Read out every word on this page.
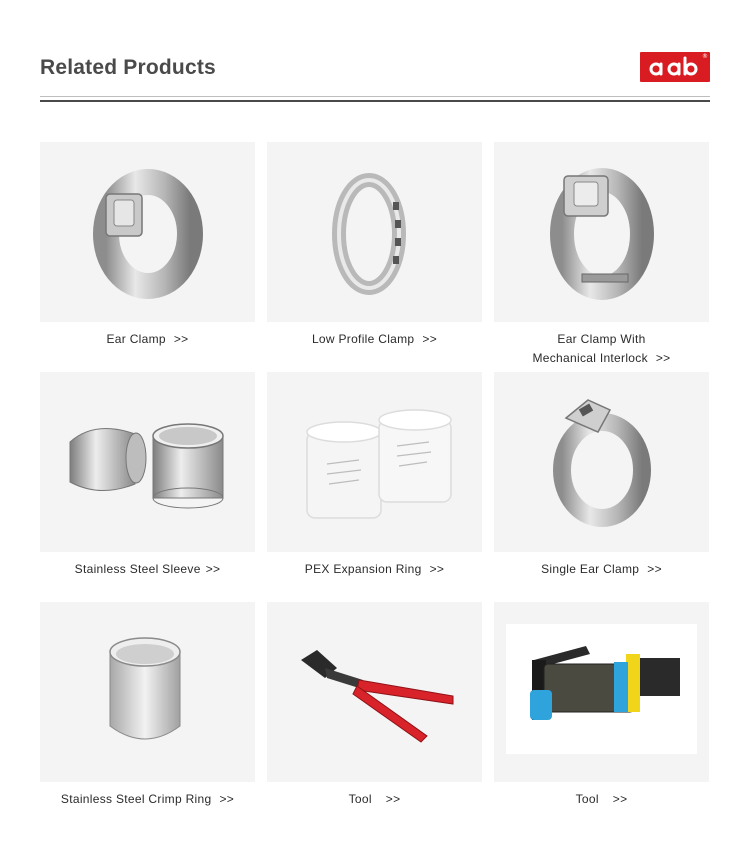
Related Products	®
Ear Clamp >>	Low Profile Clamp >>	Ear Clamp With
Mechanical Interlock >>
Stainless Steel Sleeve >>	PEX Expansion Ring >>	Single Ear Clamp >>
Stainless Steel Crimp Ring >>	Tool >>	Tool >>
